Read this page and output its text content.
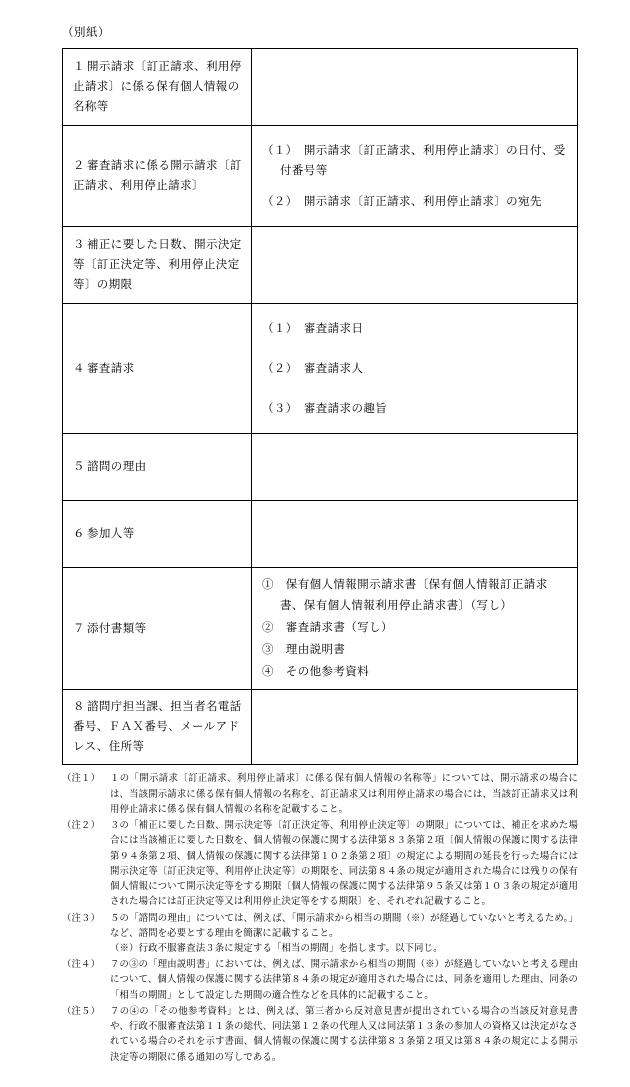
（別紙）
１ 開示請求〔訂正請求、利用停止請求〕に係る保有個人情報の名称等	
２ 審査請求に係る開示請求〔訂正請求、利用停止請求〕	（１）　開示請求〔訂正請求、利用停止請求〕の日付、受付番号等
（２）　開示請求〔訂正請求、利用停止請求〕の宛先

３ 補正に要した日数、開示決定等〔訂正決定等、利用停止決定等〕の期限	
４ 審査請求	（１）　審査請求日
（２）　審査請求人
（３）　審査請求の趣旨

５ 諮問の理由	
６ 参加人等	
７ 添付書類等	①　保有個人情報開示請求書〔保有個人情報訂正請求書、保有個人情報利用停止請求書〕（写し）
②　審査請求書（写し）
③　理由説明書
④　その他参考資料

８ 諮問庁担当課、担当者名電話番号、ＦＡＸ番号、メールアドレス、住所等	
（注１）	１の「開示請求〔訂正請求、利用停止請求〕に係る保有個人情報の名称等」については、開示請求の場合には、当該開示請求に係る保有個人情報の名称を、訂正請求又は利用停止請求の場合には、当該訂正請求又は利用停止請求に係る保有個人情報の名称を記載すること。

（注２）	３の「補正に要した日数、開示決定等〔訂正決定等、利用停止決定等〕の期限」については、補正を求めた場合には当該補正に要した日数を、個人情報の保護に関する法律第８３条第２項〔個人情報の保護に関する法律第９４条第２項、個人情報の保護に関する法律第１０２条第２項〕の規定による期間の延長を行った場合には開示決定等〔訂正決定等、利用停止決定等〕の期限を、同法第８４条の規定が適用された場合には残りの保有個人情報について開示決定等をする期限〔個人情報の保護に関する法律第９５条又は第１０３条の規定が適用された場合には訂正決定等又は利用停止決定等をする期限〕を、それぞれ記載すること。

（注３）	５の「諮問の理由」については、例えば、「開示請求から相当の期間（※）が経過していないと考えるため。」など、諮問を必要とする理由を簡潔に記載すること。

（※）行政不服審査法３条に規定する「相当の期間」を指します。以下同じ。

（注４）	７の③の「理由説明書」においては、例えば、開示請求から相当の期間（※）が経過していないと考える理由について、個人情報の保護に関する法律第８４条の規定が適用された場合には、同条を適用した理由、同条の「相当の期間」として設定した期間の適合性などを具体的に記載すること。

（注５）	７の④の「その他参考資料」とは、例えば、第三者から反対意見書が提出されている場合の当該反対意見書や、行政不服審査法第１１条の総代、同法第１２条の代理人又は同法第１３条の参加人の資格又は決定がなされている場合のそれを示す書面、個人情報の保護に関する法律第８３条第２項又は第８４条の規定による開示決定等の期限に係る通知の写しである。
